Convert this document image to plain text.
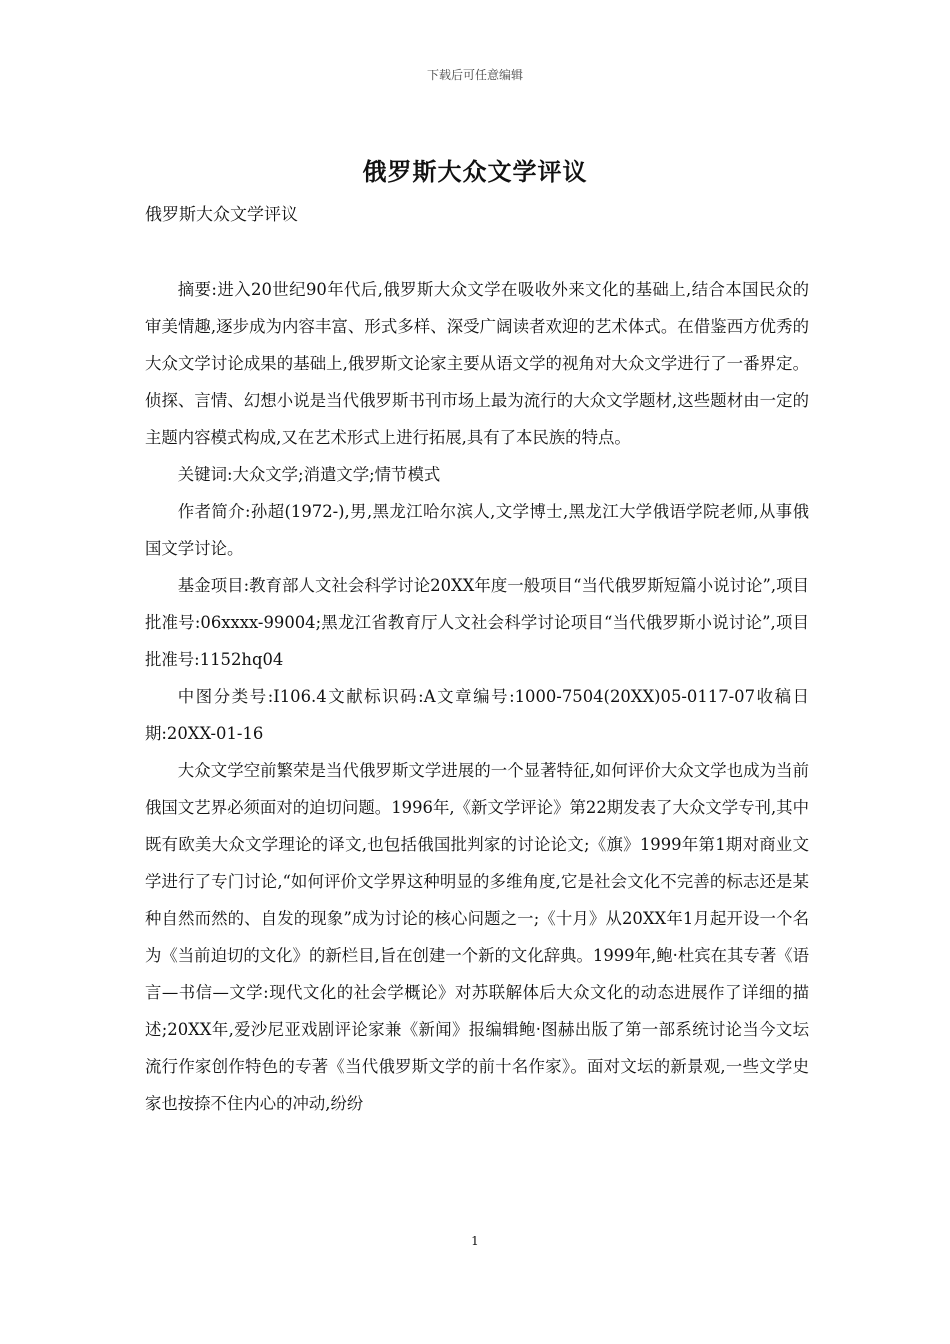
下载后可任意编辑
俄罗斯大众文学评议
俄罗斯大众文学评议

摘要:进入20世纪90年代后,俄罗斯大众文学在吸收外来文化的基础上,结合本国民众的审美情趣,逐步成为内容丰富、形式多样、深受广阔读者欢迎的艺术体式。在借鉴西方优秀的大众文学讨论成果的基础上,俄罗斯文论家主要从语文学的视角对大众文学进行了一番界定。侦探、言情、幻想小说是当代俄罗斯书刊市场上最为流行的大众文学题材,这些题材由一定的主题内容模式构成,又在艺术形式上进行拓展,具有了本民族的特点。

关键词:大众文学;消遣文学;情节模式

作者简介:孙超(1972-),男,黑龙江哈尔滨人,文学博士,黑龙江大学俄语学院老师,从事俄国文学讨论。

基金项目:教育部人文社会科学讨论20XX年度一般项目“当代俄罗斯短篇小说讨论”,项目批准号:06xxxx-99004;黑龙江省教育厅人文社会科学讨论项目“当代俄罗斯小说讨论”,项目批准号:1152hq04

中图分类号:I106.4文献标识码:A文章编号:1000-7504(20XX)05-0117-07收稿日期:20XX-01-16

大众文学空前繁荣是当代俄罗斯文学进展的一个显著特征,如何评价大众文学也成为当前俄国文艺界必须面对的迫切问题。1996年,《新文学评论》第22期发表了大众文学专刊,其中既有欧美大众文学理论的译文,也包括俄国批判家的讨论论文;《旗》1999年第1期对商业文学进行了专门讨论,“如何评价文学界这种明显的多维角度,它是社会文化不完善的标志还是某种自然而然的、自发的现象”成为讨论的核心问题之一;《十月》从20XX年1月起开设一个名为《当前迫切的文化》的新栏目,旨在创建一个新的文化辞典。1999年,鲍·杜宾在其专著《语言—书信—文学:现代文化的社会学概论》对苏联解体后大众文化的动态进展作了详细的描述;20XX年,爱沙尼亚戏剧评论家兼《新闻》报编辑鲍·图赫出版了第一部系统讨论当今文坛流行作家创作特色的专著《当代俄罗斯文学的前十名作家》。面对文坛的新景观,一些文学史家也按捺不住内心的冲动,纷纷

1
